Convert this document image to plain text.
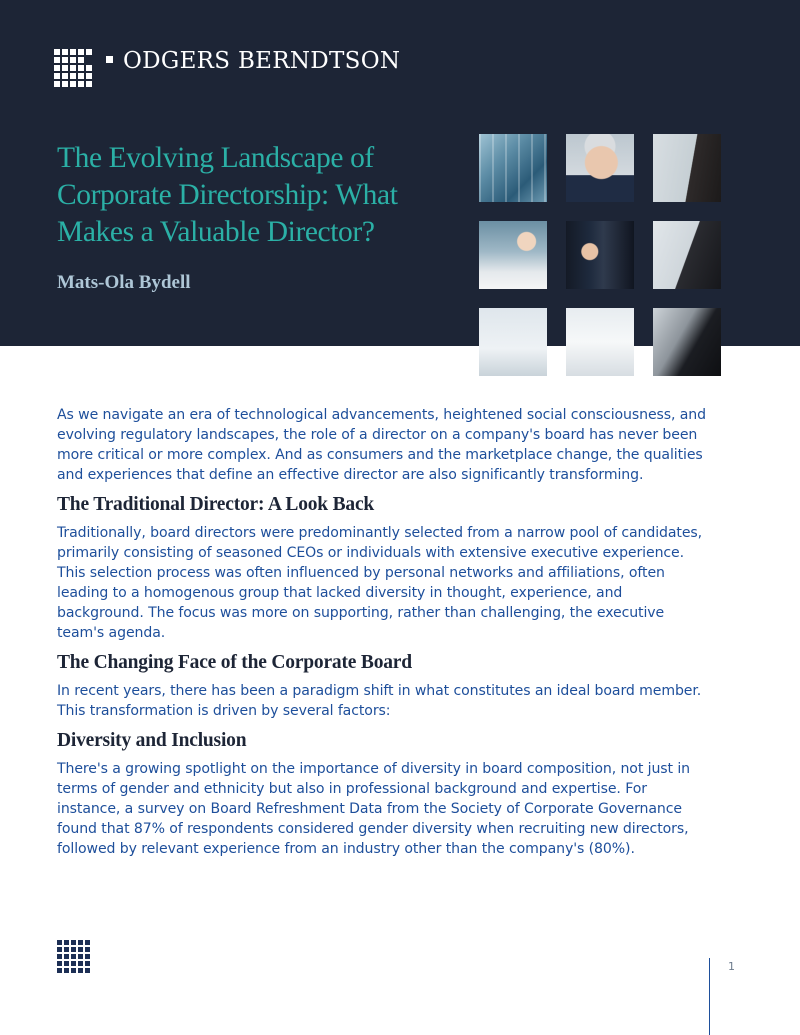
ODGERS BERNDTSON
The Evolving Landscape of Corporate Directorship: What Makes a Valuable Director?

Mats-Ola Bydell

As we navigate an era of technological advancements, heightened social consciousness, and evolving regulatory landscapes, the role of a director on a company's board has never been more critical or more complex. And as consumers and the marketplace change, the qualities and experiences that define an effective director are also significantly transforming.

The Traditional Director: A Look Back

Traditionally, board directors were predominantly selected from a narrow pool of candidates, primarily consisting of seasoned CEOs or individuals with extensive executive experience. This selection process was often influenced by personal networks and affiliations, often leading to a homogenous group that lacked diversity in thought, experience, and background. The focus was more on supporting, rather than challenging, the executive team's agenda.

The Changing Face of the Corporate Board

In recent years, there has been a paradigm shift in what constitutes an ideal board member. This transformation is driven by several factors:

Diversity and Inclusion

There's a growing spotlight on the importance of diversity in board composition, not just in terms of gender and ethnicity but also in professional background and expertise. For instance, a survey on Board Refreshment Data from the Society of Corporate Governance found that 87% of respondents considered gender diversity when recruiting new directors, followed by relevant experience from an industry other than the company's (80%).

1
